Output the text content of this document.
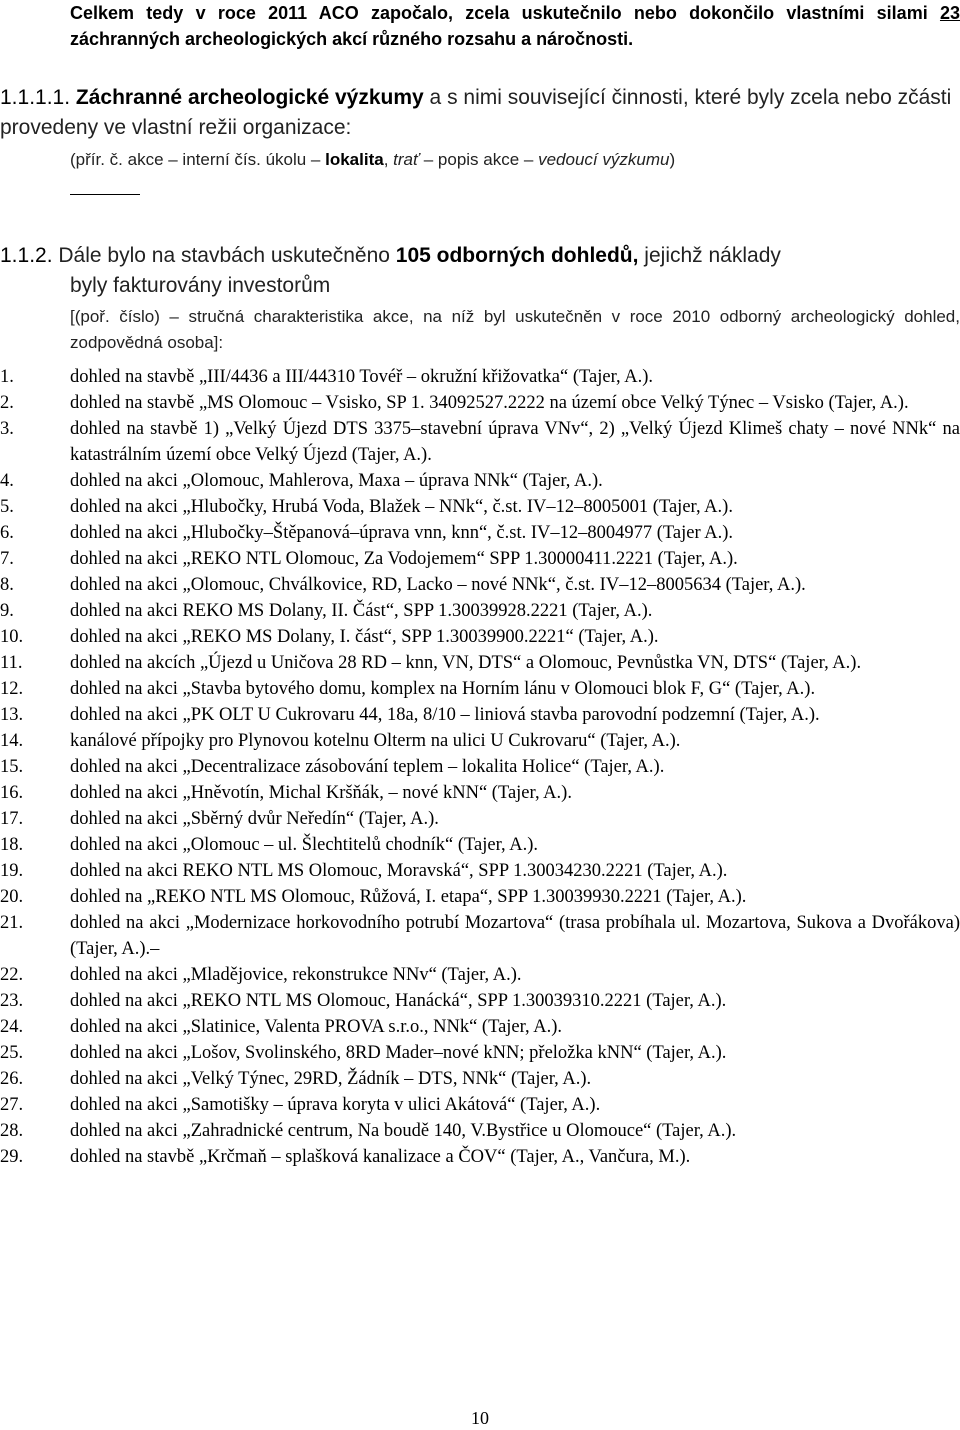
Celkem tedy v roce 2011 ACO započalo, zcela uskutečnilo nebo dokončilo vlastními silami 23 záchranných archeologických akcí různého rozsahu a náročnosti.

1.1.1.1. Záchranné archeologické výzkumy a s nimi související činnosti, které byly zcela nebo zčásti provedeny ve vlastní režii organizace:

(přír. č. akce – interní čís. úkolu – lokalita, trať – popis akce – vedoucí výzkumu)

1.1.2. Dále bylo na stavbách uskutečněno 105 odborných dohledů, jejichž náklady
byly fakturovány investorům

[(poř. číslo) – stručná charakteristika akce, na níž byl uskutečněn v roce 2010 odborný archeologický dohled, zodpovědná osoba]:

1.	dohled na stavbě „III/4436 a III/44310 Tovéř – okružní křižovatka“ (Tajer, A.).
2.	dohled na stavbě „MS Olomouc – Vsisko, SP 1. 34092527.2222 na území obce Velký Týnec – Vsisko (Tajer, A.).
3.	dohled na stavbě 1) „Velký Újezd DTS 3375–stavební úprava VNv“, 2) „Velký Újezd Klimeš chaty – nové NNk“ na katastrálním území obce Velký Újezd (Tajer, A.).
4.	dohled na akci „Olomouc, Mahlerova, Maxa – úprava NNk“ (Tajer, A.).
5.	dohled na akci „Hlubočky, Hrubá Voda, Blažek – NNk“, č.st. IV–12–8005001 (Tajer, A.).
6.	dohled na akci „Hlubočky–Štěpanová–úprava vnn, knn“, č.st. IV–12–8004977 (Tajer A.).
7.	dohled na akci „REKO NTL Olomouc, Za Vodojemem“ SPP 1.30000411.2221 (Tajer, A.).
8.	dohled na akci „Olomouc, Chválkovice, RD, Lacko – nové NNk“, č.st. IV–12–8005634 (Tajer, A.).
9.	dohled na akci REKO MS Dolany, II. Část“, SPP 1.30039928.2221 (Tajer, A.).
10.	dohled na akci „REKO MS Dolany, I. část“, SPP 1.30039900.2221“ (Tajer, A.).
11.	dohled na akcích „Újezd u Uničova 28 RD – knn, VN, DTS“ a Olomouc, Pevnůstka VN, DTS“ (Tajer, A.).
12.	dohled na akci „Stavba bytového domu, komplex na Horním lánu v Olomouci blok F, G“ (Tajer, A.).
13.	dohled na akci „PK OLT U Cukrovaru 44, 18a, 8/10 – liniová stavba parovodní podzemní (Tajer, A.).
14.	kanálové přípojky pro Plynovou kotelnu Olterm na ulici U Cukrovaru“ (Tajer, A.).
15.	dohled na akci „Decentralizace zásobování teplem – lokalita Holice“ (Tajer, A.).
16.	dohled na akci „Hněvotín, Michal Kršňák, – nové kNN“ (Tajer, A.).
17.	dohled na akci „Sběrný dvůr Neředín“ (Tajer, A.).
18.	dohled na akci „Olomouc – ul. Šlechtitelů chodník“ (Tajer, A.).
19.	dohled na akci REKO NTL MS Olomouc, Moravská“, SPP 1.30034230.2221 (Tajer, A.).
20.	dohled na „REKO NTL MS Olomouc, Růžová, I. etapa“, SPP 1.30039930.2221 (Tajer, A.).
21.	dohled na akci „Modernizace horkovodního potrubí Mozartova“ (trasa probíhala ul. Mozartova, Sukova a Dvořákova) (Tajer, A.).–
22.	dohled na akci „Mladějovice, rekonstrukce NNv“ (Tajer, A.).
23.	dohled na akci „REKO NTL MS Olomouc, Hanácká“, SPP 1.30039310.2221 (Tajer, A.).
24.	dohled na akci „Slatinice, Valenta PROVA s.r.o., NNk“ (Tajer, A.).
25.	dohled na akci „Lošov, Svolinského, 8RD Mader–nové kNN; přeložka kNN“ (Tajer, A.).
26.	dohled na akci „Velký Týnec, 29RD, Žádník – DTS, NNk“ (Tajer, A.).
27.	dohled na akci „Samotišky – úprava koryta v ulici Akátová“ (Tajer, A.).
28.	dohled na akci „Zahradnické centrum, Na boudě 140, V.Bystřice u Olomouce“ (Tajer, A.).
29.	dohled na stavbě „Krčmaň – splašková kanalizace a ČOV“ (Tajer, A., Vančura, M.).
10
